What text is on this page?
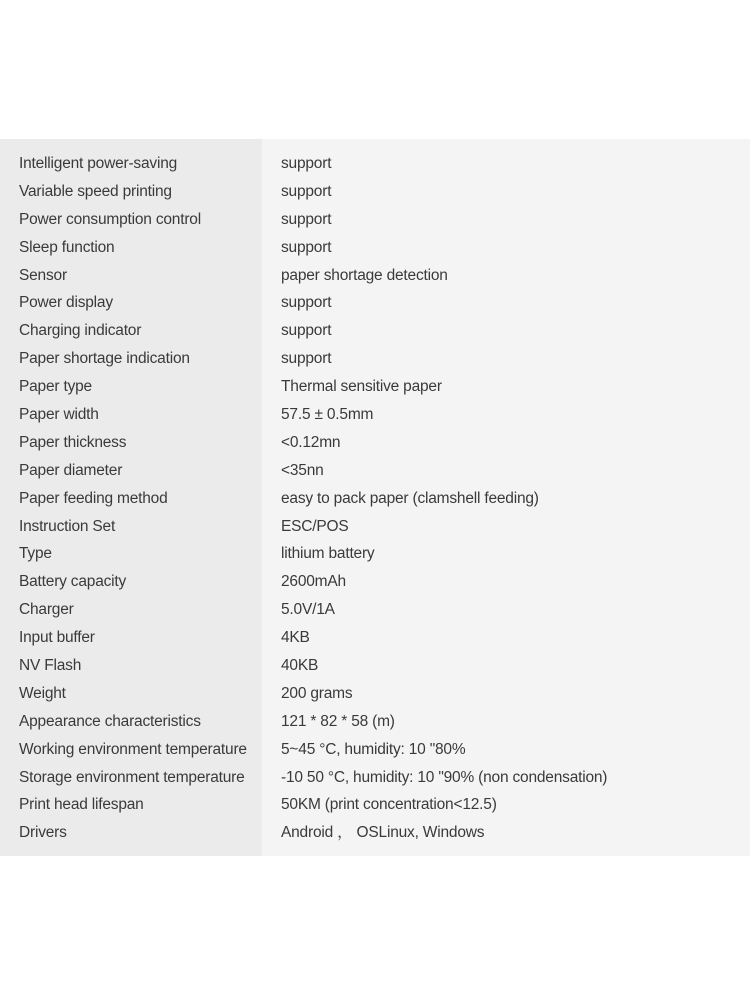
Intelligent power-saving	support
Variable speed printing	support
Power consumption control	support
Sleep function	support
Sensor	paper shortage detection
Power display	support
Charging indicator	support
Paper shortage indication	support
Paper type	Thermal sensitive paper
Paper width	57.5 ± 0.5mm
Paper thickness	<0.12mn
Paper diameter	<35nn
Paper feeding method	easy to pack paper (clamshell feeding)
Instruction Set	ESC/POS
Type	lithium battery
Battery capacity	2600mAh
Charger	5.0V/1A
Input buffer	4KB
NV Flash	40KB
Weight	200 grams
Appearance characteristics	121 * 82 * 58 (m)
Working environment temperature 5~45 °C, humidity: 10 "80%
Storage environment temperature -10 50 °C, humidity: 10 "90% (non condensation)
Print head lifespan	50KM (print concentration<12.5)
Drivers	Android ， OSLinux, Windows
